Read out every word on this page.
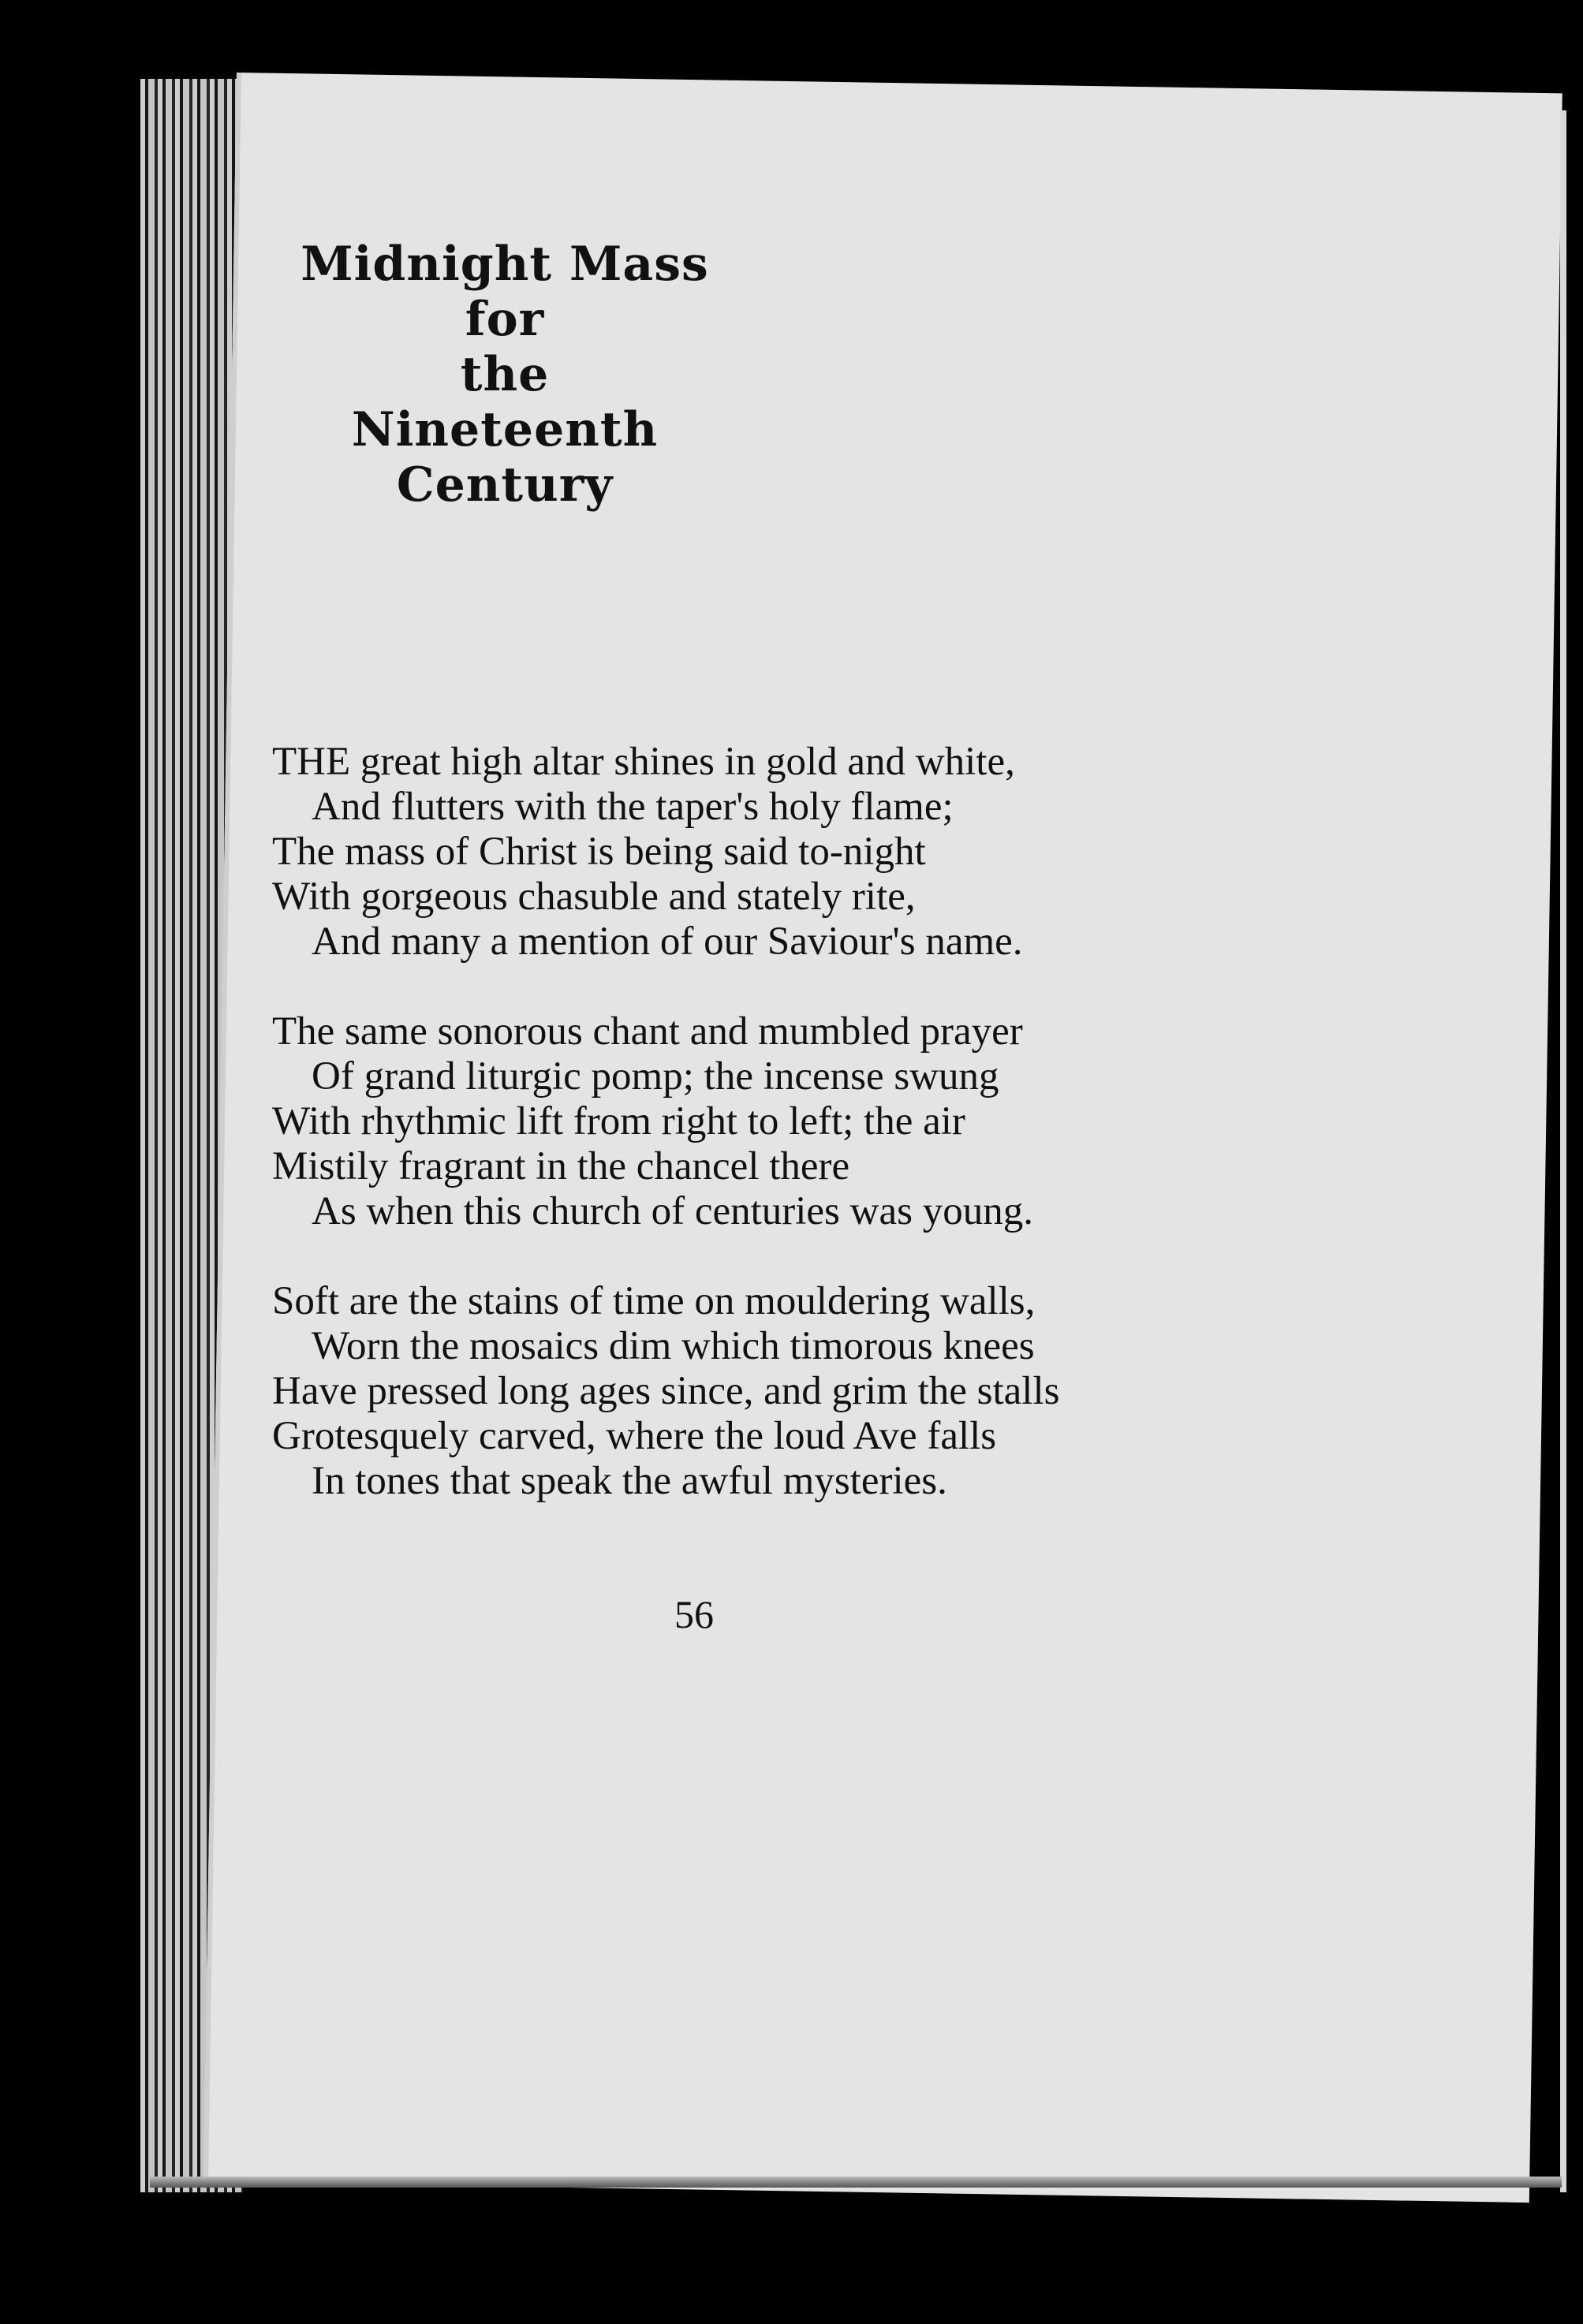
Midnight Mass for
the Nineteenth
Century
THE great high altar shines in gold and white,
And flutters with the taper's holy flame;
The mass of Christ is being said to-night
With gorgeous chasuble and stately rite,
And many a mention of our Saviour's name.
The same sonorous chant and mumbled prayer
Of grand liturgic pomp; the incense swung
With rhythmic lift from right to left; the air
Mistily fragrant in the chancel there
As when this church of centuries was young.
Soft are the stains of time on mouldering walls,
Worn the mosaics dim which timorous knees
Have pressed long ages since, and grim the stalls
Grotesquely carved, where the loud Ave falls
In tones that speak the awful mysteries.
56
